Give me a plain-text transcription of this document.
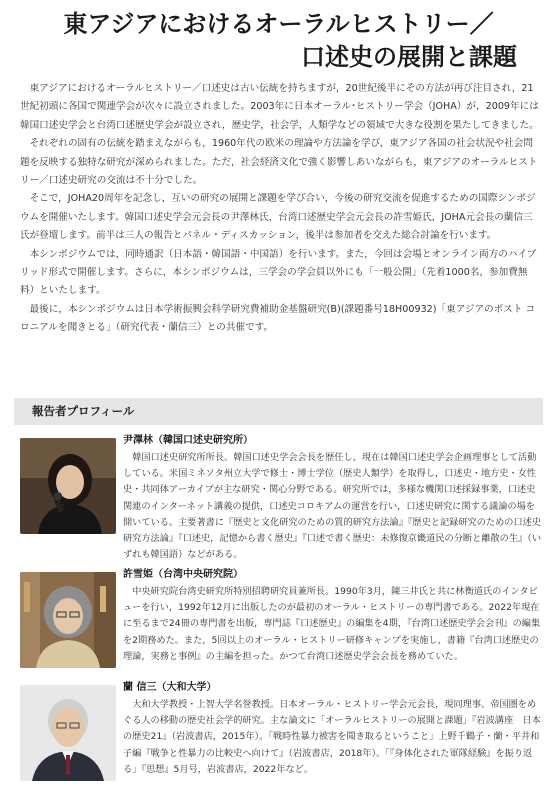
東アジアにおけるオーラルヒストリー／
口述史の展開と課題

東アジアにおけるオーラルヒストリー／口述史は古い伝統を持ちますが，20世紀後半にその方法が再び注目され，21世紀初頭に各国で関連学会が次々に設立されました。2003年に日本オーラル･ヒストリー学会（JOHA）が，2009年には韓国口述史学会と台湾口述歴史学会が設立され，歴史学，社会学，人類学などの領域で大きな役割を果たしてきました。

それぞれの固有の伝統を踏まえながらも，1960年代の欧米の理論や方法論を学び，東アジア各国の社会状況や社会問題を反映する独特な研究が深められました。ただ，社会経済文化で強く影響しあいながらも，東アジアのオーラルヒストリー／口述史研究の交流は不十分でした。

そこで，JOHA20周年を記念し，互いの研究の展開と課題を学び合い，今後の研究交流を促進するための国際シンポジウムを開催いたします。韓国口述史学会元会長の尹澤林氏，台湾口述歴史学会元会長の許雪姫氏，JOHA元会長の蘭信三氏が登壇します。前半は三人の報告とパネル・ディスカッション，後半は参加者を交えた総合討論を行います。

本シンポジウムでは，同時通訳（日本語・韓国語・中国語）を行います。また，今回は会場とオンライン両方のハイブリッド形式で開催します。さらに，本シンポジウムは，三学会の学会員以外にも「一般公開」（先着1000名，参加費無料）といたします。

最後に，本シンポジウムは日本学術振興会科学研究費補助金基盤研究(B)(課題番号18H00932)「東アジアのポスト コロニアルを聞きとる」（研究代表・蘭信三）との共催です。

報告者プロフィール
尹澤林（韓国口述史研究所）
韓国口述史研究所所長。韓国口述史学会会長を歴任し，現在は韓国口述史学会企画理事として活動している。米国ミネソタ州立大学で修士・博士学位（歴史人類学）を取得し，口述史・地方史・女性史・共同体アーカイブが主な研究・関心分野である。研究所では，多様な機関口述採録事業，口述史関連のインターネット講義の提供，口述史コロキアムの運営を行い，口述史研究に関する議論の場を開いている。主要著書に『歴史と文化研究のための質的研究方法論』『歴史と記録研究のための口述史研究方法論』『口述史，記憶から書く歴史』『口述で書く歴史：未修復京畿道民の分断と離散の生』（いずれも韓国語）などがある。
許雪姫（台湾中央研究院）
中央研究院台湾史研究所特別招聘研究員兼所長。1990年3月，陳三井氏と共に林衡道氏のインタビューを行い，1992年12月に出版したのが最初のオーラル・ヒストリーの専門書である。2022年現在に至るまで24冊の専門書を出版，専門誌『口述歴史』の編集を4期，『台湾口述歴史学会会刊』の編集を2期務めた。また，5回以上のオーラル・ヒストリー研修キャンプを実施し，書籍『台湾口述歴史の理論，実務と事例』の主編を担った。かつて台湾口述歴史学会会長を務めていた。
蘭 信三（大和大学）
大和大学教授・上智大学名誉教授。日本オーラル・ヒストリー学会元会長，現同理事。帝国圏をめぐる人の移動の歴史社会学的研究。主な論文に「オーラルヒストリーの展開と課題」『岩波講座　日本の歴史21』（岩波書店，2015年）。「戦時性暴力被害を聞き取るということ」上野千鶴子・蘭・平井和子編『戦争と性暴力の比較史へ向けて』（岩波書店，2018年）。「『身体化された軍隊経験』を振り返る」『思想』5月号，岩波書店，2022年など。
